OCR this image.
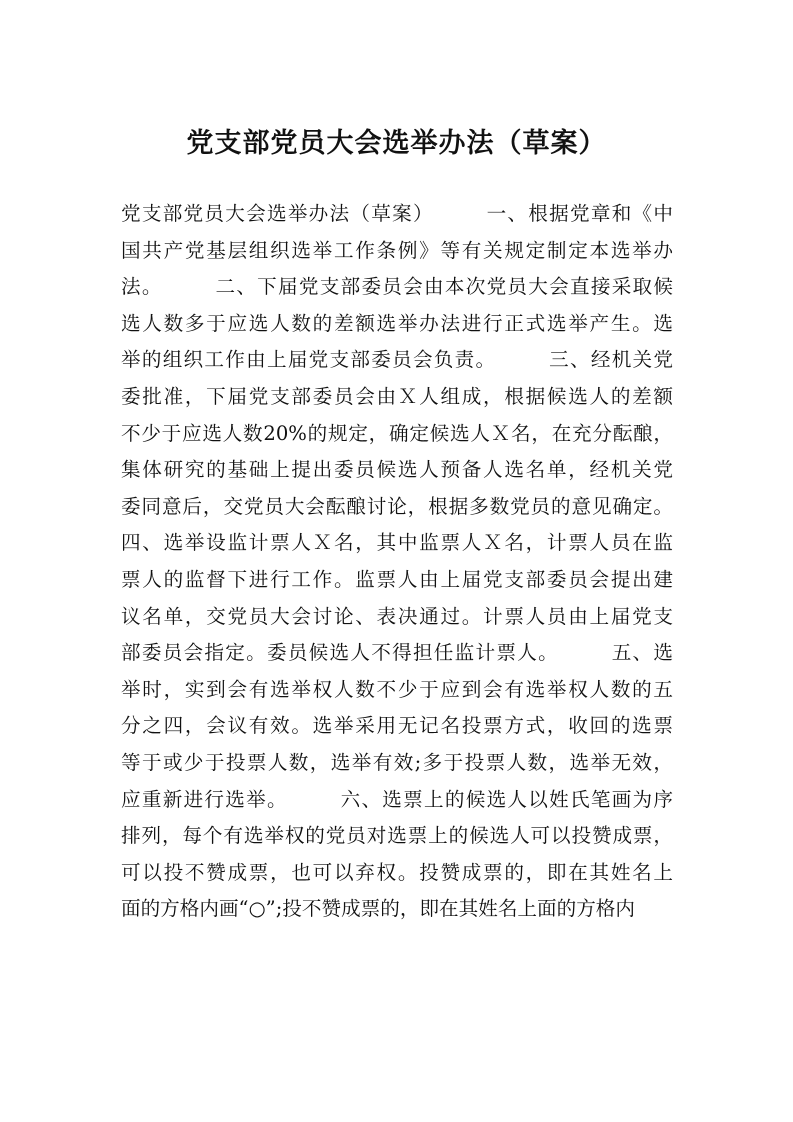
党支部党员大会选举办法（草案）
党支部党员大会选举办法（草案）　　　一、根据党章和《中
国共产党基层组织选举工作条例》等有关规定制定本选举办
法。　　　二、下届党支部委员会由本次党员大会直接采取候
选人数多于应选人数的差额选举办法进行正式选举产生。选
举的组织工作由上届党支部委员会负责。　　　三、经机关党
委批准，下届党支部委员会由Ｘ人组成，根据候选人的差额
不少于应选人数20%的规定，确定候选人Ｘ名，在充分酝酿，
集体研究的基础上提出委员候选人预备人选名单，经机关党
委同意后，交党员大会酝酿讨论，根据多数党员的意见确定。
四、选举设监计票人Ｘ名，其中监票人Ｘ名，计票人员在监
票人的监督下进行工作。监票人由上届党支部委员会提出建
议名单，交党员大会讨论、表决通过。计票人员由上届党支
部委员会指定。委员候选人不得担任监计票人。　　　五、选
举时，实到会有选举权人数不少于应到会有选举权人数的五
分之四，会议有效。选举采用无记名投票方式，收回的选票
等于或少于投票人数，选举有效;多于投票人数，选举无效，
应重新进行选举。　　　六、选票上的候选人以姓氏笔画为序
排列，每个有选举权的党员对选票上的候选人可以投赞成票，
可以投不赞成票，也可以弃权。投赞成票的，即在其姓名上
面的方格内画“○”;投不赞成票的，即在其姓名上面的方格内
